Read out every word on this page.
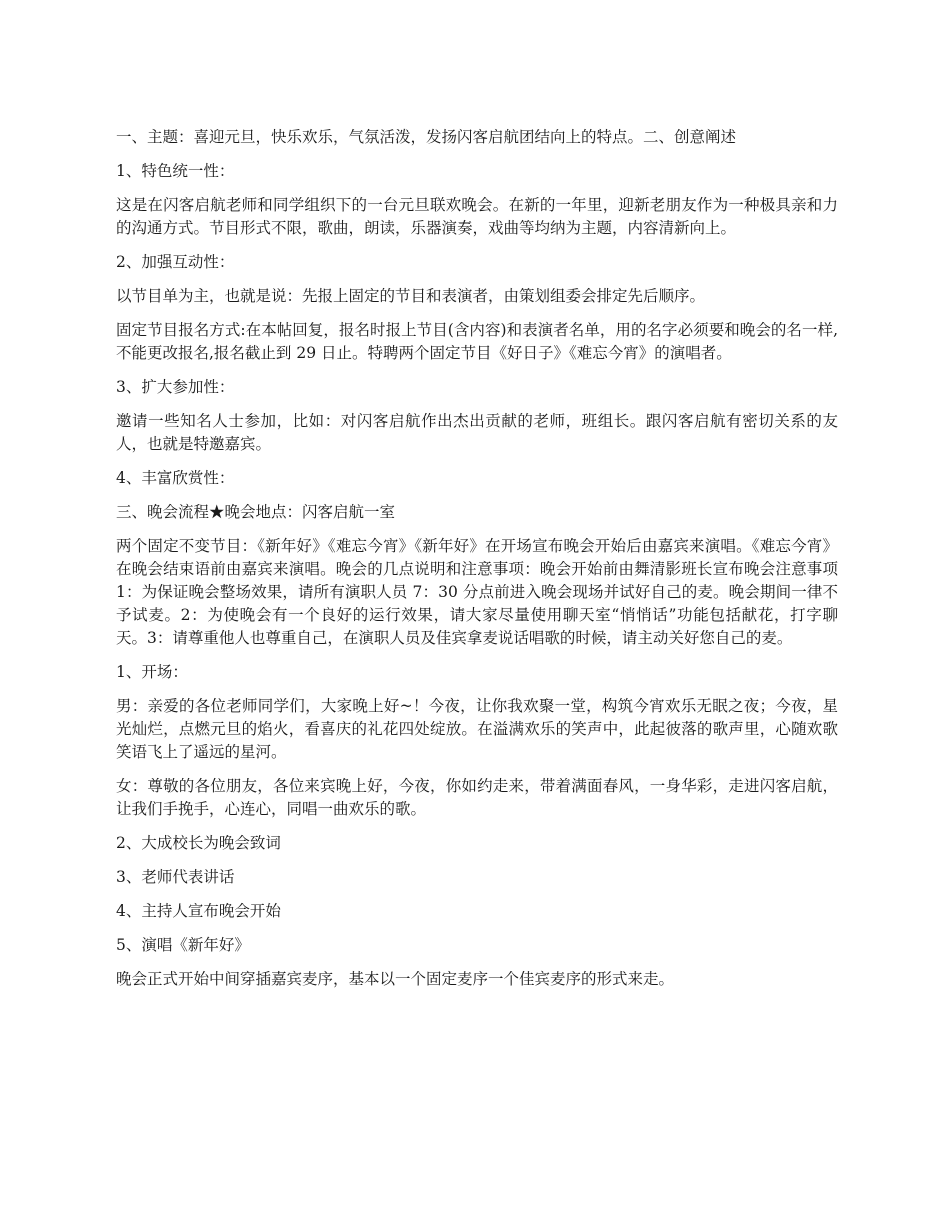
一、主题：喜迎元旦，快乐欢乐，气氛活泼，发扬闪客启航团结向上的特点。二、创意阐述

1、特色统一性：

这是在闪客启航老师和同学组织下的一台元旦联欢晚会。在新的一年里，迎新老朋友作为一种极具亲和力的沟通方式。节目形式不限，歌曲，朗读，乐器演奏，戏曲等均纳为主题，内容清新向上。

2、加强互动性：

以节目单为主，也就是说：先报上固定的节目和表演者，由策划组委会排定先后顺序。

固定节目报名方式:在本帖回复，报名时报上节目(含内容)和表演者名单，用的名字必须要和晚会的名一样,不能更改报名,报名截止到 29 日止。特聘两个固定节目《好日子》《难忘今宵》的演唱者。

3、扩大参加性：

邀请一些知名人士参加，比如：对闪客启航作出杰出贡献的老师，班组长。跟闪客启航有密切关系的友人，也就是特邀嘉宾。

4、丰富欣赏性：

三、晚会流程★晚会地点：闪客启航一室

两个固定不变节目：《新年好》《难忘今宵》《新年好》在开场宣布晚会开始后由嘉宾来演唱。《难忘今宵》在晚会结束语前由嘉宾来演唱。晚会的几点说明和注意事项：晚会开始前由舞清影班长宣布晚会注意事项 1：为保证晚会整场效果，请所有演职人员 7：30 分点前进入晚会现场并试好自己的麦。晚会期间一律不予试麦。2：为使晚会有一个良好的运行效果，请大家尽量使用聊天室“悄悄话”功能包括献花，打字聊天。3：请尊重他人也尊重自己，在演职人员及佳宾拿麦说话唱歌的时候，请主动关好您自己的麦。

1、开场：

男：亲爱的各位老师同学们，大家晚上好~！今夜，让你我欢聚一堂，构筑今宵欢乐无眠之夜；今夜，星光灿烂，点燃元旦的焰火，看喜庆的礼花四处绽放。在溢满欢乐的笑声中，此起彼落的歌声里，心随欢歌笑语飞上了遥远的星河。

女：尊敬的各位朋友，各位来宾晚上好，今夜，你如约走来，带着满面春风，一身华彩，走进闪客启航，让我们手挽手，心连心，同唱一曲欢乐的歌。

2、大成校长为晚会致词

3、老师代表讲话

4、主持人宣布晚会开始

5、演唱《新年好》

晚会正式开始中间穿插嘉宾麦序，基本以一个固定麦序一个佳宾麦序的形式来走。
